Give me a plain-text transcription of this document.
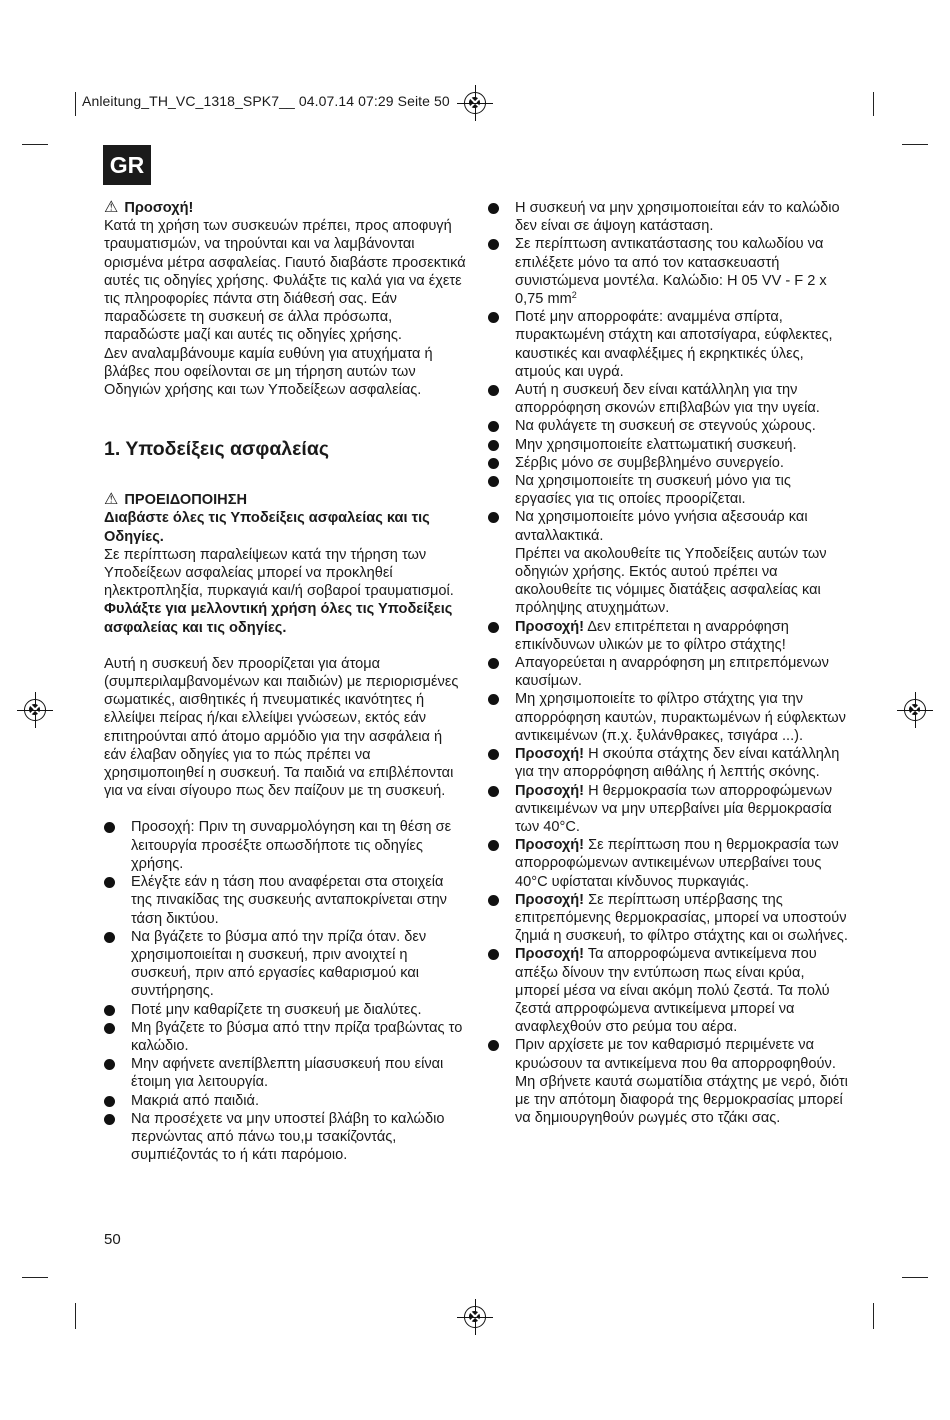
Anleitung_TH_VC_1318_SPK7__ 04.07.14 07:29 Seite 50
GR
⚠ Προσοχή!

Κατά τη χρήση των συσκευών πρέπει, προς αποφυγή τραυματισμών, να τηρούνται και να λαμβάνονται ορισμένα μέτρα ασφαλείας. Γιαυτό διαβάστε προσεκτικά αυτές τις οδηγίες χρήσης. Φυλάξτε τις καλά για να έχετε τις πληροφορίες πάντα στη διάθεσή σας. Εάν παραδώσετε τη συσκευή σε άλλα πρόσωπα, παραδώστε μαζί και αυτές τις οδηγίες χρήσης.

Δεν αναλαμβάνουμε καμία ευθύνη για ατυχήματα ή βλάβες που οφείλονται σε μη τήρηση αυτών των Οδηγιών χρήσης και των Υποδείξεων ασφαλείας.

1. Υποδείξεις ασφαλείας
⚠ ΠΡΟΕΙΔΟΠΟΙΗΣΗ

Διαβάστε όλες τις Υποδείξεις ασφαλείας και τις Οδηγίες.

Σε περίπτωση παραλείψεων κατά την τήρηση των Υποδείξεων ασφαλείας μπορεί να προκληθεί ηλεκτροπληξία, πυρκαγιά και/ή σοβαροί τραυματισμοί.

Φυλάξτε για μελλοντική χρήση όλες τις Υποδείξεις ασφαλείας και τις οδηγίες.

Αυτή η συσκευή δεν προορίζεται για άτομα (συμπεριλαμβανομένων και παιδιών) με περιορισμένες σωματικές, αισθητικές ή πνευματικές ικανότητες ή ελλείψει πείρας ή/και ελλείψει γνώσεων, εκτός εάν επιτηρούνται από άτομο αρμόδιο για την ασφάλεια ή εάν έλαβαν οδηγίες για το πώς πρέπει να χρησιμοποιηθεί η συσκευή. Τα παιδιά να επιβλέπονται για να είναι σίγουρο πως δεν παίζουν με τη συσκευή.

Προσοχή: Πριν τη συναρμολόγηση και τη θέση σε λειτουργία προσέξτε οπωσδήποτε τις οδηγίες χρήσης.
Ελέγξτε εάν η τάση που αναφέρεται στα στοιχεία της πινακίδας της συσκευής ανταποκρίνεται στην τάση δικτύου.
Να βγάζετε το βύσμα από την πρίζα όταν. δεν χρησιμοποιείται η συσκευή, πριν ανοιχτεί η συσκευή, πριν από εργασίες καθαρισμού και συντήρησης.
Ποτέ μην καθαρίζετε τη συσκευή με διαλύτες.
Μη βγάζετε το βύσμα από ττην πρίζα τραβώντας το καλώδιο.
Μην αφήνετε ανεπίβλεπτη μίασυσκευή που είναι έτοιμη για λειτουργία.
Μακριά από παιδιά.
Να προσέχετε να μην υποστεί βλάβη το καλώδιο περνώντας από πάνω του,μ τσακίζοντάς, συμπιέζοντάς το ή κάτι παρόμοιο.
Η συσκευή να μην χρησιμοποιείται εάν το καλώδιο δεν είναι σε άψογη κατάσταση.
Σε περίπτωση αντικατάστασης του καλωδίου να επιλέξετε μόνο τα από τον κατασκευαστή συνιστώμενα μοντέλα. Καλώδιο: H 05 VV - F 2 x 0,75 $mm^2$
Ποτέ μην απορροφάτε: αναμμένα σπίρτα, πυρακτωμένη στάχτη και αποτσίγαρα, εύφλεκτες, καυστικές και αναφλέξιμες ή εκρηκτικές ύλες, ατμούς και υγρά.
Αυτή η συσκευή δεν είναι κατάλληλη για την απορρόφηση σκονών επιβλαβών για την υγεία.
Να φυλάγετε τη συσκευή σε στεγνούς χώρους.
Μην χρησιμοποιείτε ελαττωματική συσκευή.
Σέρβις μόνο σε συμβεβλημένο συνεργείο.
Να χρησιμοποιείτε τη συσκευή μόνο για τις εργασίες για τις οποίες προορίζεται.
Να χρησιμοποιείτε μόνο γνήσια αξεσουάρ και ανταλλακτικά.
Πρέπει να ακολουθείτε τις Υποδείξεις αυτών των οδηγιών χρήσης. Εκτός αυτού πρέπει να ακολουθείτε τις νόμιμες διατάξεις ασφαλείας και πρόληψης ατυχημάτων.
Προσοχή! Δεν επιτρέπεται η αναρρόφηση επικίνδυνων υλικών με το φίλτρο στάχτης!
Απαγορεύεται η αναρρόφηση μη επιτρεπόμενων καυσίμων.
Μη χρησιμοποιείτε το φίλτρο στάχτης για την απορρόφηση καυτών, πυρακτωμένων ή εύφλεκτων αντικειμένων (π.χ. ξυλάνθρακες, τσιγάρα ...).
Προσοχή! Η σκούπα στάχτης δεν είναι κατάλληλη για την απορρόφηση αιθάλης ή λεπτής σκόνης.
Προσοχή! Η θερμοκρασία των απορροφώμενων αντικειμένων να μην υπερβαίνει μία θερμοκρασία των 40°C.
Προσοχή! Σε περίπτωση που η θερμοκρασία των απορροφώμενων αντικειμένων υπερβαίνει τους 40°C υφίσταται κίνδυνος πυρκαγιάς.
Προσοχή! Σε περίπτωση υπέρβασης της επιτρεπόμενης θερμοκρασίας, μπορεί να υποστούν ζημιά η συσκευή, το φίλτρο στάχτης και οι σωλήνες.
Προσοχή! Τα απορροφώμενα αντικείμενα που απέξω δίνουν την εντύπωση πως είναι κρύα, μπορεί μέσα να είναι ακόμη πολύ ζεστά. Τα πολύ ζεστά απρροφώμενα αντικείμενα μπορεί να αναφλεχθούν στο ρεύμα του αέρα.
Πριν αρχίσετε με τον καθαρισμό περιμένετε να κρυώσουν τα αντικείμενα που θα απορροφηθούν. Μη σβήνετε καυτά σωματίδια στάχτης με νερό, διότι με την απότομη διαφορά της θερμοκρασίας μπορεί να δημιουργηθούν ρωγμές στο τζάκι σας.
50
